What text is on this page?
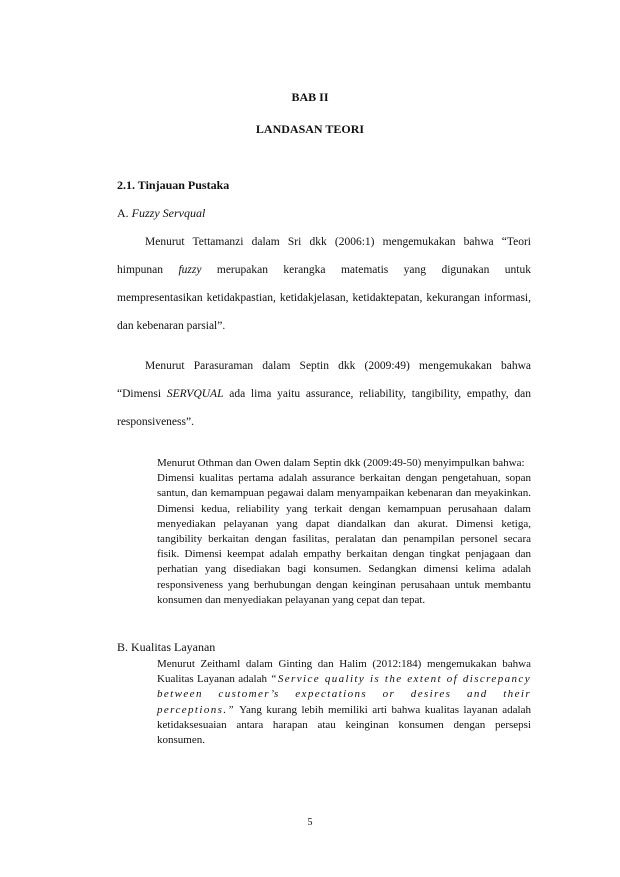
BAB II
LANDASAN TEORI
2.1. Tinjauan Pustaka
A. Fuzzy Servqual
Menurut Tettamanzi dalam Sri dkk (2006:1) mengemukakan bahwa “Teori himpunan fuzzy merupakan kerangka matematis yang digunakan untuk mempresentasikan ketidakpastian, ketidakjelasan, ketidaktepatan, kekurangan informasi, dan kebenaran parsial”.
Menurut Parasuraman dalam Septin dkk (2009:49) mengemukakan bahwa “Dimensi SERVQUAL ada lima yaitu assurance, reliability, tangibility, empathy, dan responsiveness”.

Menurut Othman dan Owen dalam Septin dkk (2009:49-50) menyimpulkan bahwa:

Dimensi kualitas pertama adalah assurance berkaitan dengan pengetahuan, sopan santun, dan kemampuan pegawai dalam menyampaikan kebenaran dan meyakinkan. Dimensi kedua, reliability yang terkait dengan kemampuan perusahaan dalam menyediakan pelayanan yang dapat diandalkan dan akurat. Dimensi ketiga, tangibility berkaitan dengan fasilitas, peralatan dan penampilan personel secara fisik. Dimensi keempat adalah empathy berkaitan dengan tingkat penjagaan dan perhatian yang disediakan bagi konsumen. Sedangkan dimensi kelima adalah responsiveness yang berhubungan dengan keinginan perusahaan untuk membantu konsumen dan menyediakan pelayanan yang cepat dan tepat.

B. Kualitas Layanan

Menurut Zeithaml dalam Ginting dan Halim (2012:184) mengemukakan bahwa Kualitas Layanan adalah “Service quality is the extent of discrepancy between customer’s expectations or desires and their perceptions.” Yang kurang lebih memiliki arti bahwa kualitas layanan adalah ketidaksesuaian antara harapan atau keinginan konsumen dengan persepsi konsumen.

5
